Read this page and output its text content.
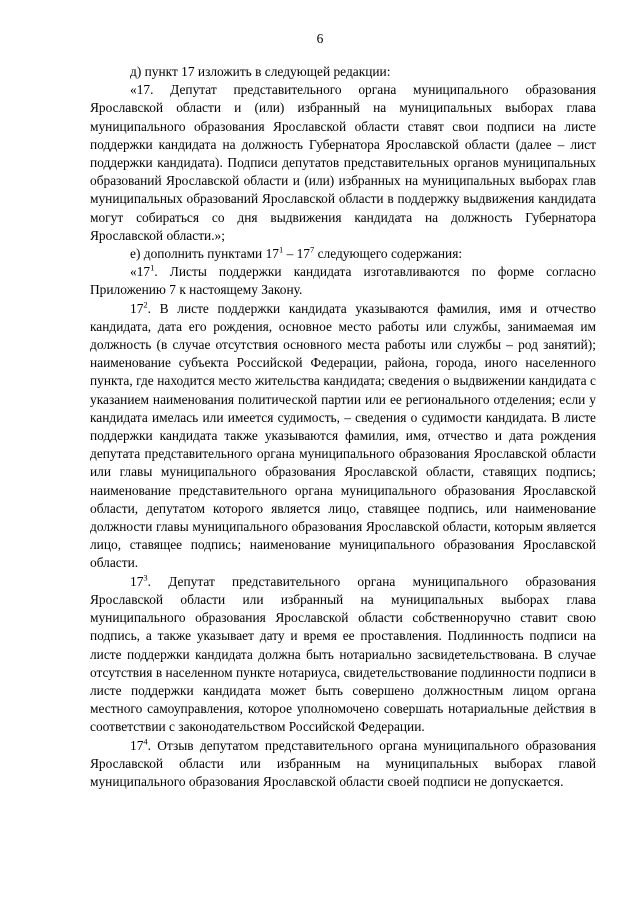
6

д) пункт 17 изложить в следующей редакции:

«17. Депутат представительного органа муниципального образования Ярославской области и (или) избранный на муниципальных выборах глава муниципального образования Ярославской области ставят свои подписи на листе поддержки кандидата на должность Губернатора Ярославской области (далее – лист поддержки кандидата). Подписи депутатов представительных органов муниципальных образований Ярославской области и (или) избранных на муниципальных выборах глав муниципальных образований Ярославской области в поддержку выдвижения кандидата могут собираться со дня выдвижения кандидата на должность Губернатора Ярославской области.»;

е) дополнить пунктами $17^1 - 17^7$ следующего содержания:

«$17^1$. Листы поддержки кандидата изготавливаются по форме согласно Приложению 7 к настоящему Закону.

$17^2$. В листе поддержки кандидата указываются фамилия, имя и отчество кандидата, дата его рождения, основное место работы или службы, занимаемая им должность (в случае отсутствия основного места работы или службы – род занятий); наименование субъекта Российской Федерации, района, города, иного населенного пункта, где находится место жительства кандидата; сведения о выдвижении кандидата с указанием наименования политической партии или ее регионального отделения; если у кандидата имелась или имеется судимость, – сведения о судимости кандидата. В листе поддержки кандидата также указываются фамилия, имя, отчество и дата рождения депутата представительного органа муниципального образования Ярославской области или главы муниципального образования Ярославской области, ставящих подпись; наименование представительного органа муниципального образования Ярославской области, депутатом которого является лицо, ставящее подпись, или наименование должности главы муниципального образования Ярославской области, которым является лицо, ставящее подпись; наименование муниципального образования Ярославской области.

$17^3$. Депутат представительного органа муниципального образования Ярославской области или избранный на муниципальных выборах глава муниципального образования Ярославской области собственноручно ставит свою подпись, а также указывает дату и время ее проставления. Подлинность подписи на листе поддержки кандидата должна быть нотариально засвидетельствована. В случае отсутствия в населенном пункте нотариуса, свидетельствование подлинности подписи в листе поддержки кандидата может быть совершено должностным лицом органа местного самоуправления, которое уполномочено совершать нотариальные действия в соответствии с законодательством Российской Федерации.

$17^4$. Отзыв депутатом представительного органа муниципального образования Ярославской области или избранным на муниципальных выборах главой муниципального образования Ярославской области своей подписи не допускается.
